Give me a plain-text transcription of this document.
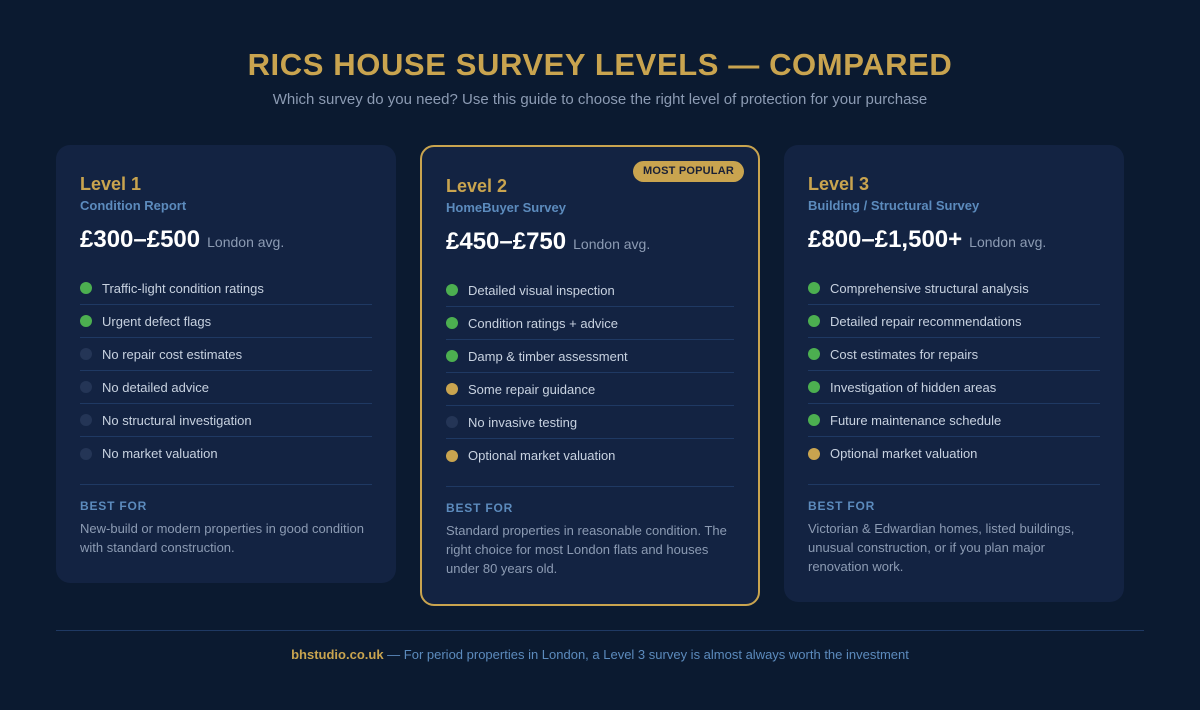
RICS HOUSE SURVEY LEVELS — COMPARED

Which survey do you need? Use this guide to choose the right level of protection for your purchase

Level 1
Condition Report
£300–£500 London avg.
Traffic-light condition ratings
Urgent defect flags
No repair cost estimates
No detailed advice
No structural investigation
No market valuation
BEST FOR

New-build or modern properties in good condition with standard construction.

MOST POPULAR
Level 2
HomeBuyer Survey
£450–£750 London avg.
Detailed visual inspection
Condition ratings + advice
Damp & timber assessment
Some repair guidance
No invasive testing
Optional market valuation
BEST FOR

Standard properties in reasonable condition. The right choice for most London flats and houses under 80 years old.

Level 3
Building / Structural Survey
£800–£1,500+ London avg.
Comprehensive structural analysis
Detailed repair recommendations
Cost estimates for repairs
Investigation of hidden areas
Future maintenance schedule
Optional market valuation
BEST FOR

Victorian & Edwardian homes, listed buildings, unusual construction, or if you plan major renovation work.

bhstudio.co.uk — For period properties in London, a Level 3 survey is almost always worth the investment
